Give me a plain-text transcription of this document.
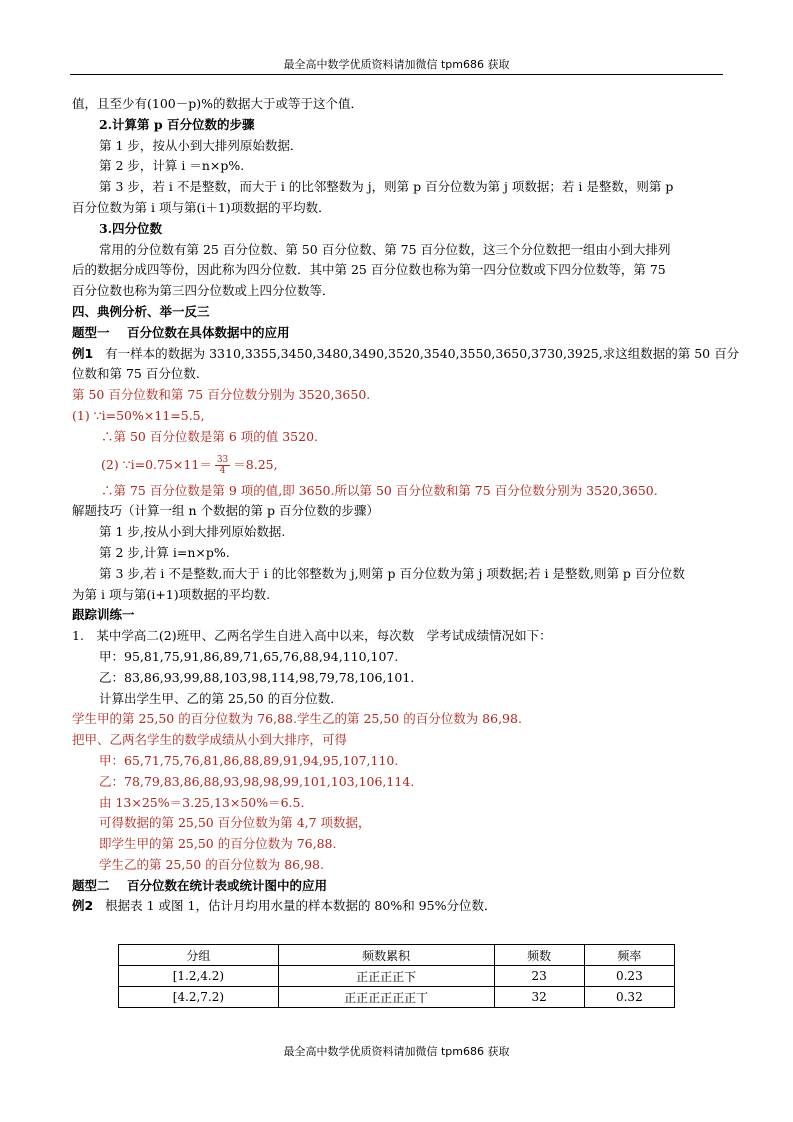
最全高中数学优质资料请加微信 tpm686 获取
值，且至少有(100－p)%的数据大于或等于这个值．
2.计算第 p 百分位数的步骤
第 1 步，按从小到大排列原始数据．
第 2 步，计算 i ＝n×p%.
第 3 步，若 i 不是整数，而大于 i 的比邻整数为 j，则第 p 百分位数为第 j 项数据；若 i 是整数，则第 p
百分位数为第 i 项与第(i＋1)项数据的平均数．
3.四分位数
常用的分位数有第 25 百分位数、第 50 百分位数、第 75 百分位数，这三个分位数把一组由小到大排列
后的数据分成四等份，因此称为四分位数．其中第 25 百分位数也称为第一四分位数或下四分位数等，第 75
百分位数也称为第三四分位数或上四分位数等．
四、典例分析、举一反三
题型一 百分位数在具体数据中的应用
例1 有一样本的数据为 3310,3355,3450,3480,3490,3520,3540,3550,3650,3730,3925,求这组数据的第 50 百分
位数和第 75 百分位数.
第 50 百分位数和第 75 百分位数分别为 3520,3650.
(1) ∵i=50%×11=5.5,
∴第 50 百分位数是第 6 项的值 3520.
(2) ∵i=0.75×11＝ $\frac{33}{4} =8.25$,
∴第 75 百分位数是第 9 项的值,即 3650.所以第 50 百分位数和第 75 百分位数分别为 3520,3650.
解题技巧（计算一组 n 个数据的第 p 百分位数的步骤）
第 1 步,按从小到大排列原始数据.
第 2 步,计算 i=n×p%.
第 3 步,若 i 不是整数,而大于 i 的比邻整数为 j,则第 p 百分位数为第 j 项数据;若 i 是整数,则第 p 百分位数
为第 i 项与第(i+1)项数据的平均数.
跟踪训练一
1.　某中学高二(2)班甲、乙两名学生自进入高中以来，每次数　学考试成绩情况如下：
甲：95,81,75,91,86,89,71,65,76,88,94,110,107.
乙：83,86,93,99,88,103,98,114,98,79,78,106,101.
计算出学生甲、乙的第 25,50 的百分位数．
学生甲的第 25,50 的百分位数为 76,88.学生乙的第 25,50 的百分位数为 86,98.
把甲、乙两名学生的数学成绩从小到大排序，可得
甲：65,71,75,76,81,86,88,89,91,94,95,107,110.
乙：78,79,83,86,88,93,98,98,99,101,103,106,114.
由 13×25%＝3.25,13×50%＝6.5.
可得数据的第 25,50 百分位数为第 4,7 项数据，
即学生甲的第 25,50 的百分位数为 76,88.
学生乙的第 25,50 的百分位数为 86,98.
题型二 百分位数在统计表或统计图中的应用
例2 根据表 1 或图 1，估计月均用水量的样本数据的 80%和 95%分位数．
分组	频数累积	频数	频率
[1.2,4.2)	正正正正下	23	0.23
[4.2,7.2)	正正正正正正丅	32	0.32
最全高中数学优质资料请加微信 tpm686 获取
